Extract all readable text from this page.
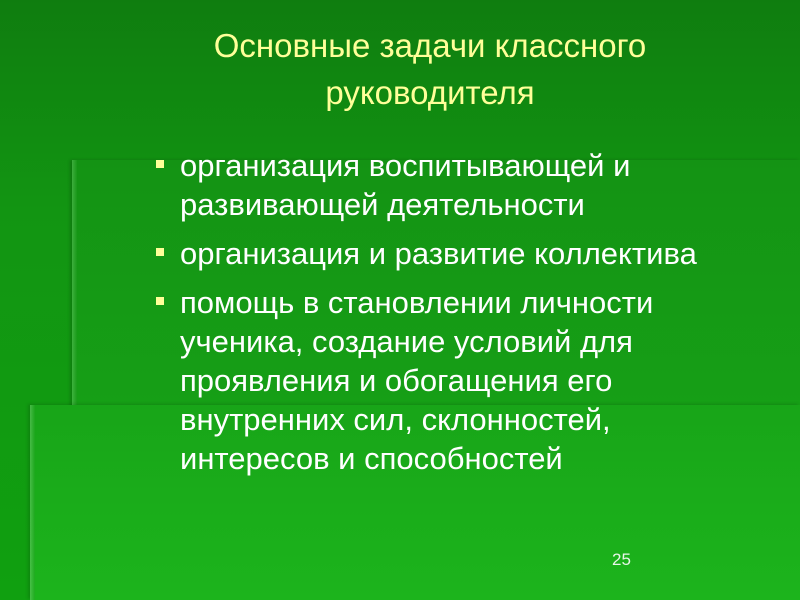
Основные задачи классного руководителя
организация воспитывающей и развивающей деятельности
организация и развитие коллектива
помощь в становлении личности ученика, создание условий для проявления и обогащения его внутренних сил, склонностей, интересов и способностей
25
